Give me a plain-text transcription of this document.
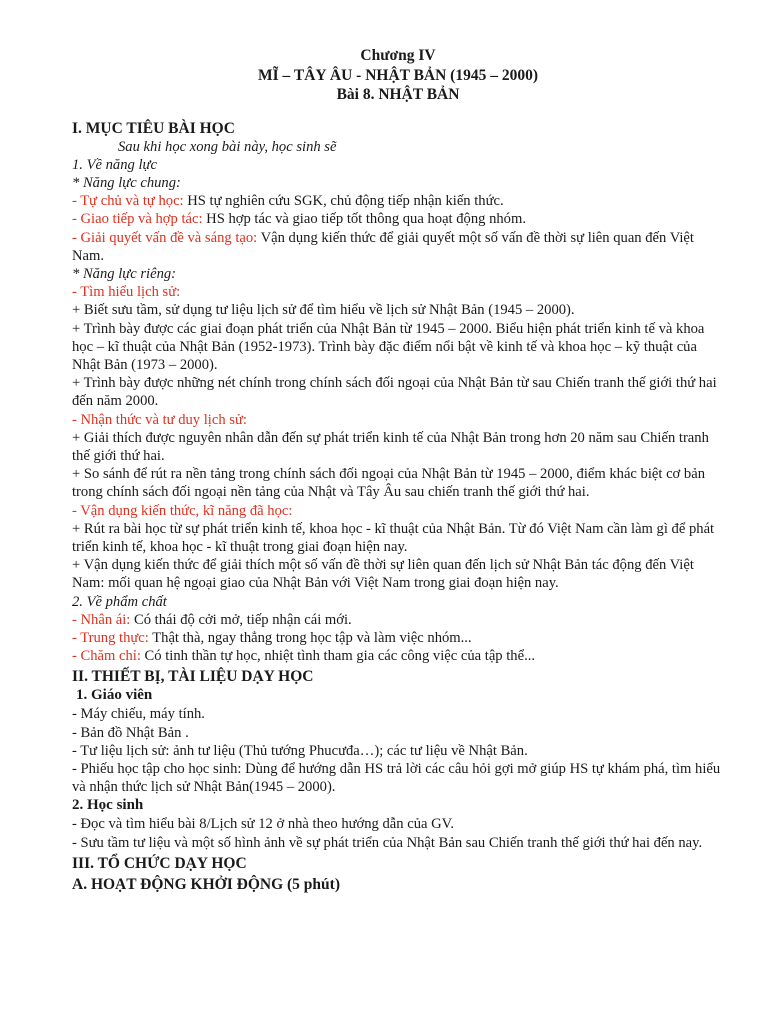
Chương IV
MĨ – TÂY ÂU - NHẬT BẢN (1945 – 2000)
Bài 8. NHẬT BẢN
I. MỤC TIÊU BÀI HỌC
Sau khi học xong bài này, học sinh sẽ
1. Về năng lực
* Năng lực chung:
- Tự chủ và tự học: HS tự nghiên cứu SGK, chủ động tiếp nhận kiến thức.
- Giao tiếp và hợp tác: HS hợp tác và giao tiếp tốt thông qua hoạt động nhóm.
- Giải quyết vấn đề và sáng tạo: Vận dụng kiến thức để giải quyết một số vấn đề thời sự liên quan đến Việt Nam.
* Năng lực riêng:
- Tìm hiểu lịch sử:
+ Biết sưu tầm, sử dụng tư liệu lịch sử để tìm hiểu về lịch sử Nhật Bản (1945 – 2000).
+ Trình bày được các giai đoạn phát triển của Nhật Bản từ 1945 – 2000. Biểu hiện phát triển kinh tế và khoa học – kĩ thuật của Nhật Bản (1952-1973). Trình bày đặc điểm nổi bật về kinh tế và khoa học – kỹ thuật của Nhật Bản (1973 – 2000).
+ Trình bày được những nét chính trong chính sách đối ngoại của Nhật Bản từ sau Chiến tranh thế giới thứ hai đến năm 2000.
- Nhận thức và tư duy lịch sử:
+ Giải thích được nguyên nhân dẫn đến sự phát triển kinh tế của Nhật Bản trong hơn 20 năm sau Chiến tranh thế giới thứ hai.
+ So sánh để rút ra nền tảng trong chính sách đối ngoại của Nhật Bản từ 1945 – 2000, điểm khác biệt cơ bản trong chính sách đối ngoại nền tảng của Nhật và Tây Âu sau chiến tranh thế giới thứ hai.
- Vận dụng kiến thức, kĩ năng đã học:
+ Rút ra bài học từ sự phát triển kinh tế, khoa học - kĩ thuật của Nhật Bản. Từ đó Việt Nam cần làm gì để phát triển kinh tế, khoa học - kĩ thuật trong giai đoạn hiện nay.
+ Vận dụng kiến thức để giải thích một số vấn đề thời sự liên quan đến lịch sử Nhật Bản tác động đến Việt Nam: mối quan hệ ngoại giao của Nhật Bản với Việt Nam trong giai đoạn hiện nay.
2. Về phẩm chất
- Nhân ái: Có thái độ cởi mở, tiếp nhận cái mới.
- Trung thực: Thật thà, ngay thẳng trong học tập và làm việc nhóm...
- Chăm chỉ: Có tinh thần tự học, nhiệt tình tham gia các công việc của tập thể...
II. THIẾT BỊ, TÀI LIỆU DẠY HỌC
1. Giáo viên
- Máy chiếu, máy tính.
- Bản đồ Nhật Bản .
- Tư liệu lịch sử: ảnh tư liệu (Thủ tướng Phucưđa…); các tư liệu về Nhật Bản.
- Phiếu học tập cho học sinh: Dùng để hướng dẫn HS trả lời các câu hỏi gợi mở giúp HS tự khám phá, tìm hiểu và nhận thức lịch sử Nhật Bản(1945 – 2000).
2. Học sinh
- Đọc và tìm hiểu bài 8/Lịch sử 12 ở nhà theo hướng dẫn của GV.
- Sưu tầm tư liệu và một số hình ảnh về sự phát triển của Nhật Bản sau Chiến tranh thế giới thứ hai đến nay.
III. TỔ CHỨC DẠY HỌC
A. HOẠT ĐỘNG KHỞI ĐỘNG (5 phút)
